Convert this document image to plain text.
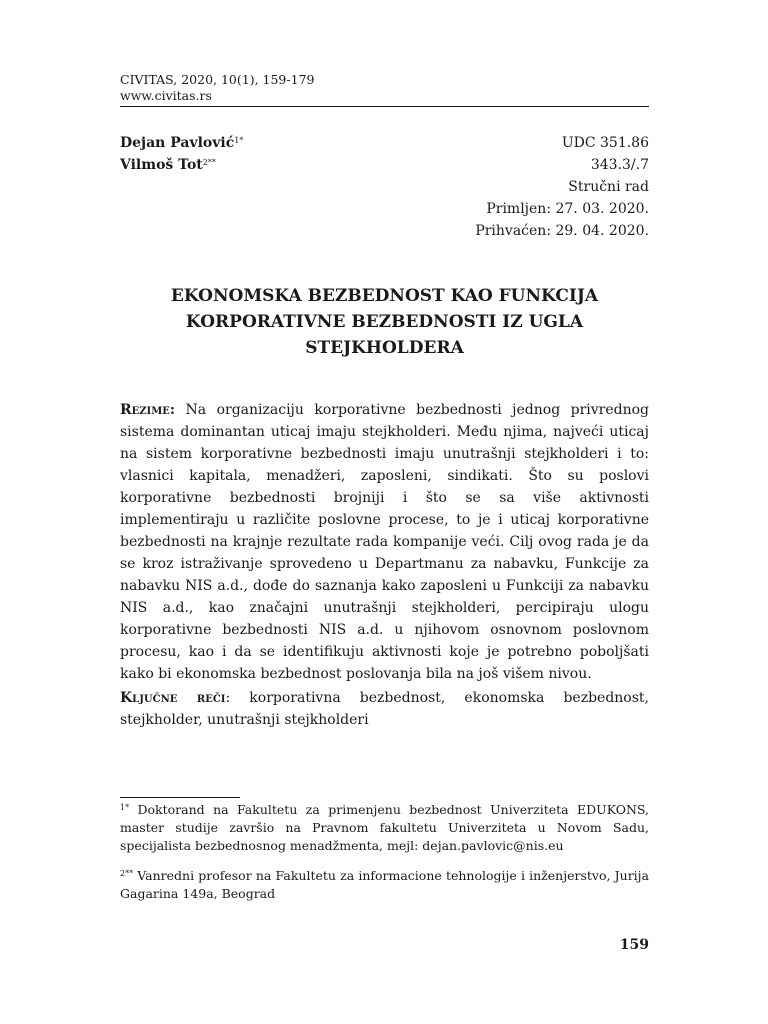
CIVITAS, 2020, 10(1), 159-179
www.civitas.rs
Dejan Pavlović$^{1*}$
Vilmoš Tot$^{2**}$
UDC 351.86
343.3/.7
Stručni rad
Primljen: 27. 03. 2020.
Prihvaćen: 29. 04. 2020.
EKONOMSKA BEZBEDNOST KAO FUNKCIJA
KORPORATIVNE BEZBEDNOSTI IZ UGLA
STEJKHOLDERA
Rezime: Na organizaciju korporativne bezbednosti jednog privrednog sistema dominantan uticaj imaju stejkholderi. Među njima, najveći uticaj na sistem korporativne bezbednosti imaju unutrašnji stejkholderi i to: vlasnici kapitala, menadžeri, zaposleni, sindikati. Što su poslovi korporativne bezbednosti brojniji i što se sa više aktivnosti implementiraju u različite poslovne procese, to je i uticaj korporativne bezbednosti na krajnje rezultate rada kompanije veći. Cilj ovog rada je da se kroz istraživanje sprovedeno u Departmanu za nabavku, Funkcije za nabavku NIS a.d., dođe do saznanja kako zaposleni u Funkciji za nabavku NIS a.d., kao značajni unutrašnji stejkholderi, percipiraju ulogu korporativne bezbednosti NIS a.d. u njihovom osnovnom poslovnom procesu, kao i da se identifikuju aktivnosti koje je potrebno poboljšati kako bi ekonomska bezbednost poslovanja bila na još višem nivou.
Ključne reči: korporativna bezbednost, ekonomska bezbednost, stejkholder, unutrašnji stejkholderi

$^{1*}$ Doktorand na Fakultetu za primenjenu bezbednost Univerziteta EDUKONS, master studije završio na Pravnom fakultetu Univerziteta u Novom Sadu, specijalista bezbednosnog menadžmenta, mejl: dejan.pavlovic@nis.eu

$^{2**}$ Vanredni profesor na Fakultetu za informacione tehnologije i inženjerstvo, Jurija Gagarina 149a, Beograd

159
